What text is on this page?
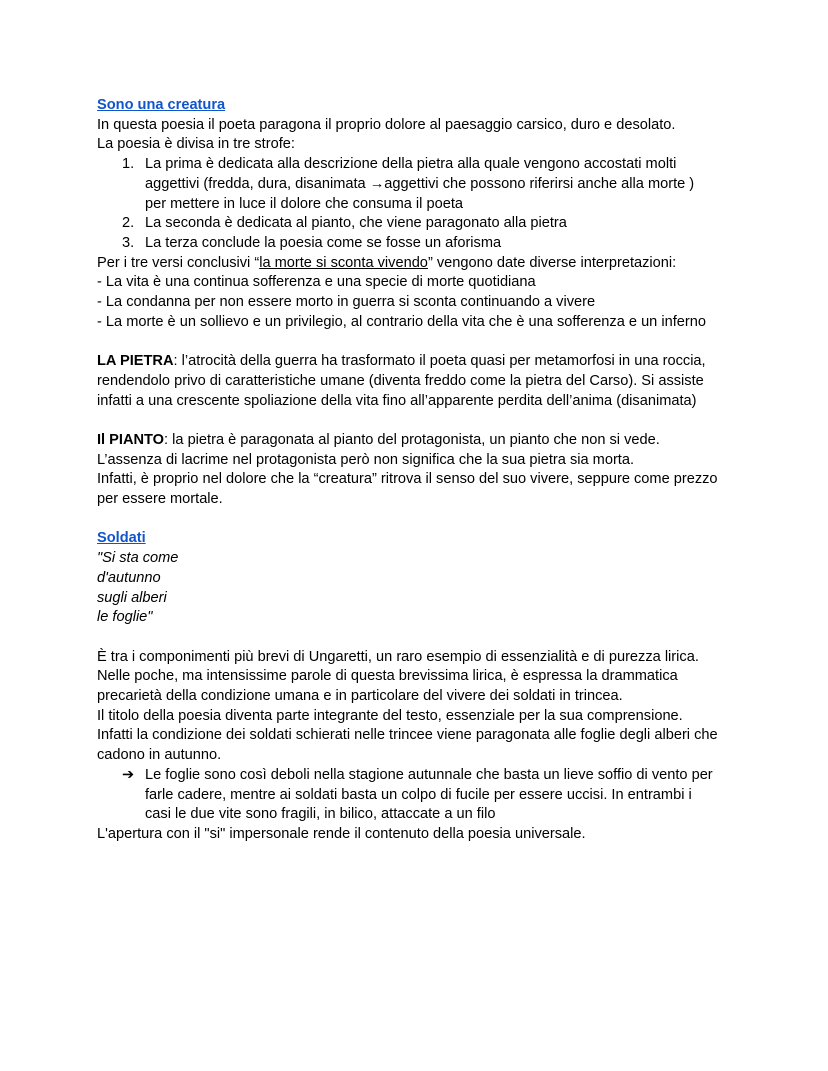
Sono una creatura
In questa poesia il poeta paragona il proprio dolore al paesaggio carsico, duro e desolato.
La poesia è divisa in tre strofe:
1. La prima è dedicata alla descrizione della pietra alla quale vengono accostati molti
aggettivi (fredda, dura, disanimata →aggettivi che possono riferirsi anche alla morte )
per mettere in luce il dolore che consuma il poeta
2. La seconda è dedicata al pianto, che viene paragonato alla pietra
3. La terza conclude la poesia come se fosse un aforisma
Per i tre versi conclusivi “la morte si sconta vivendo” vengono date diverse interpretazioni:
- La vita è una continua sofferenza e una specie di morte quotidiana
- La condanna per non essere morto in guerra si sconta continuando a vivere
- La morte è un sollievo e un privilegio, al contrario della vita che è una sofferenza e un inferno
LA PIETRA: l’atrocità della guerra ha trasformato il poeta quasi per metamorfosi in una roccia,
rendendolo privo di caratteristiche umane (diventa freddo come la pietra del Carso). Si assiste
infatti a una crescente spoliazione della vita fino all’apparente perdita dell’anima (disanimata)
Il PIANTO: la pietra è paragonata al pianto del protagonista, un pianto che non si vede.
L’assenza di lacrime nel protagonista però non significa che la sua pietra sia morta.
Infatti, è proprio nel dolore che la “creatura” ritrova il senso del suo vivere, seppure come prezzo
per essere mortale.
Soldati
"Si sta come
d'autunno
sugli alberi
le foglie"
È tra i componimenti più brevi di Ungaretti, un raro esempio di essenzialità e di purezza lirica.
Nelle poche, ma intensissime parole di questa brevissima lirica, è espressa la drammatica
precarietà della condizione umana e in particolare del vivere dei soldati in trincea.
Il titolo della poesia diventa parte integrante del testo, essenziale per la sua comprensione.
Infatti la condizione dei soldati schierati nelle trincee viene paragonata alle foglie degli alberi che
cadono in autunno.
➔ Le foglie sono così deboli nella stagione autunnale che basta un lieve soffio di vento per
farle cadere, mentre ai soldati basta un colpo di fucile per essere uccisi. In entrambi i
casi le due vite sono fragili, in bilico, attaccate a un filo
L'apertura con il "si" impersonale rende il contenuto della poesia universale.
